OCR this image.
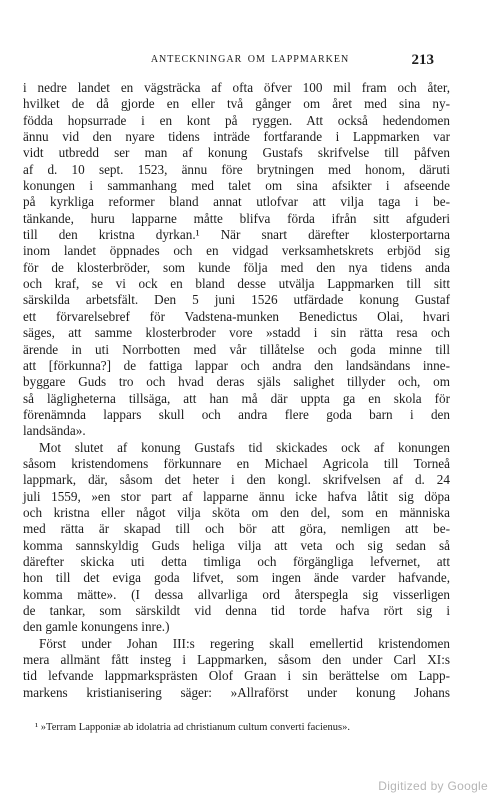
ANTECKNINGAR OM LAPPMARKEN	213
i nedre landet en vägsträcka af ofta öfver 100 mil fram och åter,
hvilket de då gjorde en eller två gånger om året med sina ny-
födda hopsurrade i en kont på ryggen. Att också hedendomen
ännu vid den nyare tidens inträde fortfarande i Lappmarken var
vidt utbredd ser man af konung Gustafs skrifvelse till påfven
af d. 10 sept. 1523, ännu före brytningen med honom, däruti
konungen i sammanhang med talet om sina afsikter i afseende
på kyrkliga reformer bland annat utlofvar att vilja taga i be-
tänkande, huru lapparne måtte blifva förda ifrån sitt afguderi
till den kristna dyrkan.¹ När snart därefter klosterportarna
inom landet öppnades och en vidgad verksamhetskrets erbjöd sig
för de klosterbröder, som kunde följa med den nya tidens anda
och kraf, se vi ock en bland desse utvälja Lappmarken till sitt
särskilda arbetsfält. Den 5 juni 1526 utfärdade konung Gustaf
ett förvarelsebref för Vadstena-munken Benedictus Olai, hvari
säges, att samme klosterbroder vore »stadd i sin rätta resa och
ärende in uti Norrbotten med vår tillåtelse och goda minne till
att [förkunna?] de fattiga lappar och andra den landsändans inne-
byggare Guds tro och hvad deras själs salighet tillyder och, om
så lägligheterna tillsäga, att han må där uppta ga en skola för
förenämnda lappars skull och andra flere goda barn i den
landsända».
Mot slutet af konung Gustafs tid skickades ock af konungen
såsom kristendomens förkunnare en Michael Agricola till Torneå
lappmark, där, såsom det heter i den kongl. skrifvelsen af d. 24
juli 1559, »en stor part af lapparne ännu icke hafva låtit sig döpa
och kristna eller något vilja sköta om den del, som en människa
med rätta är skapad till och bör att göra, nemligen att be-
komma sannskyldig Guds heliga vilja att veta och sig sedan så
därefter skicka uti detta timliga och förgängliga lefvernet, att
hon till det eviga goda lifvet, som ingen ände varder hafvande,
komma mätte». (I dessa allvarliga ord återspegla sig visserligen
de tankar, som särskildt vid denna tid torde hafva rört sig i
den gamle konungens inre.)
Först under Johan III:s regering skall emellertid kristendomen
mera allmänt fått insteg i Lappmarken, såsom den under Carl XI:s
tid lefvande lappmarksprästen Olof Graan i sin berättelse om Lapp-
markens kristianisering säger: »Allraförst under konung Johans
¹ »Terram Lapponiæ ab idolatria ad christianum cultum converti facienus».
Digitized by Google
